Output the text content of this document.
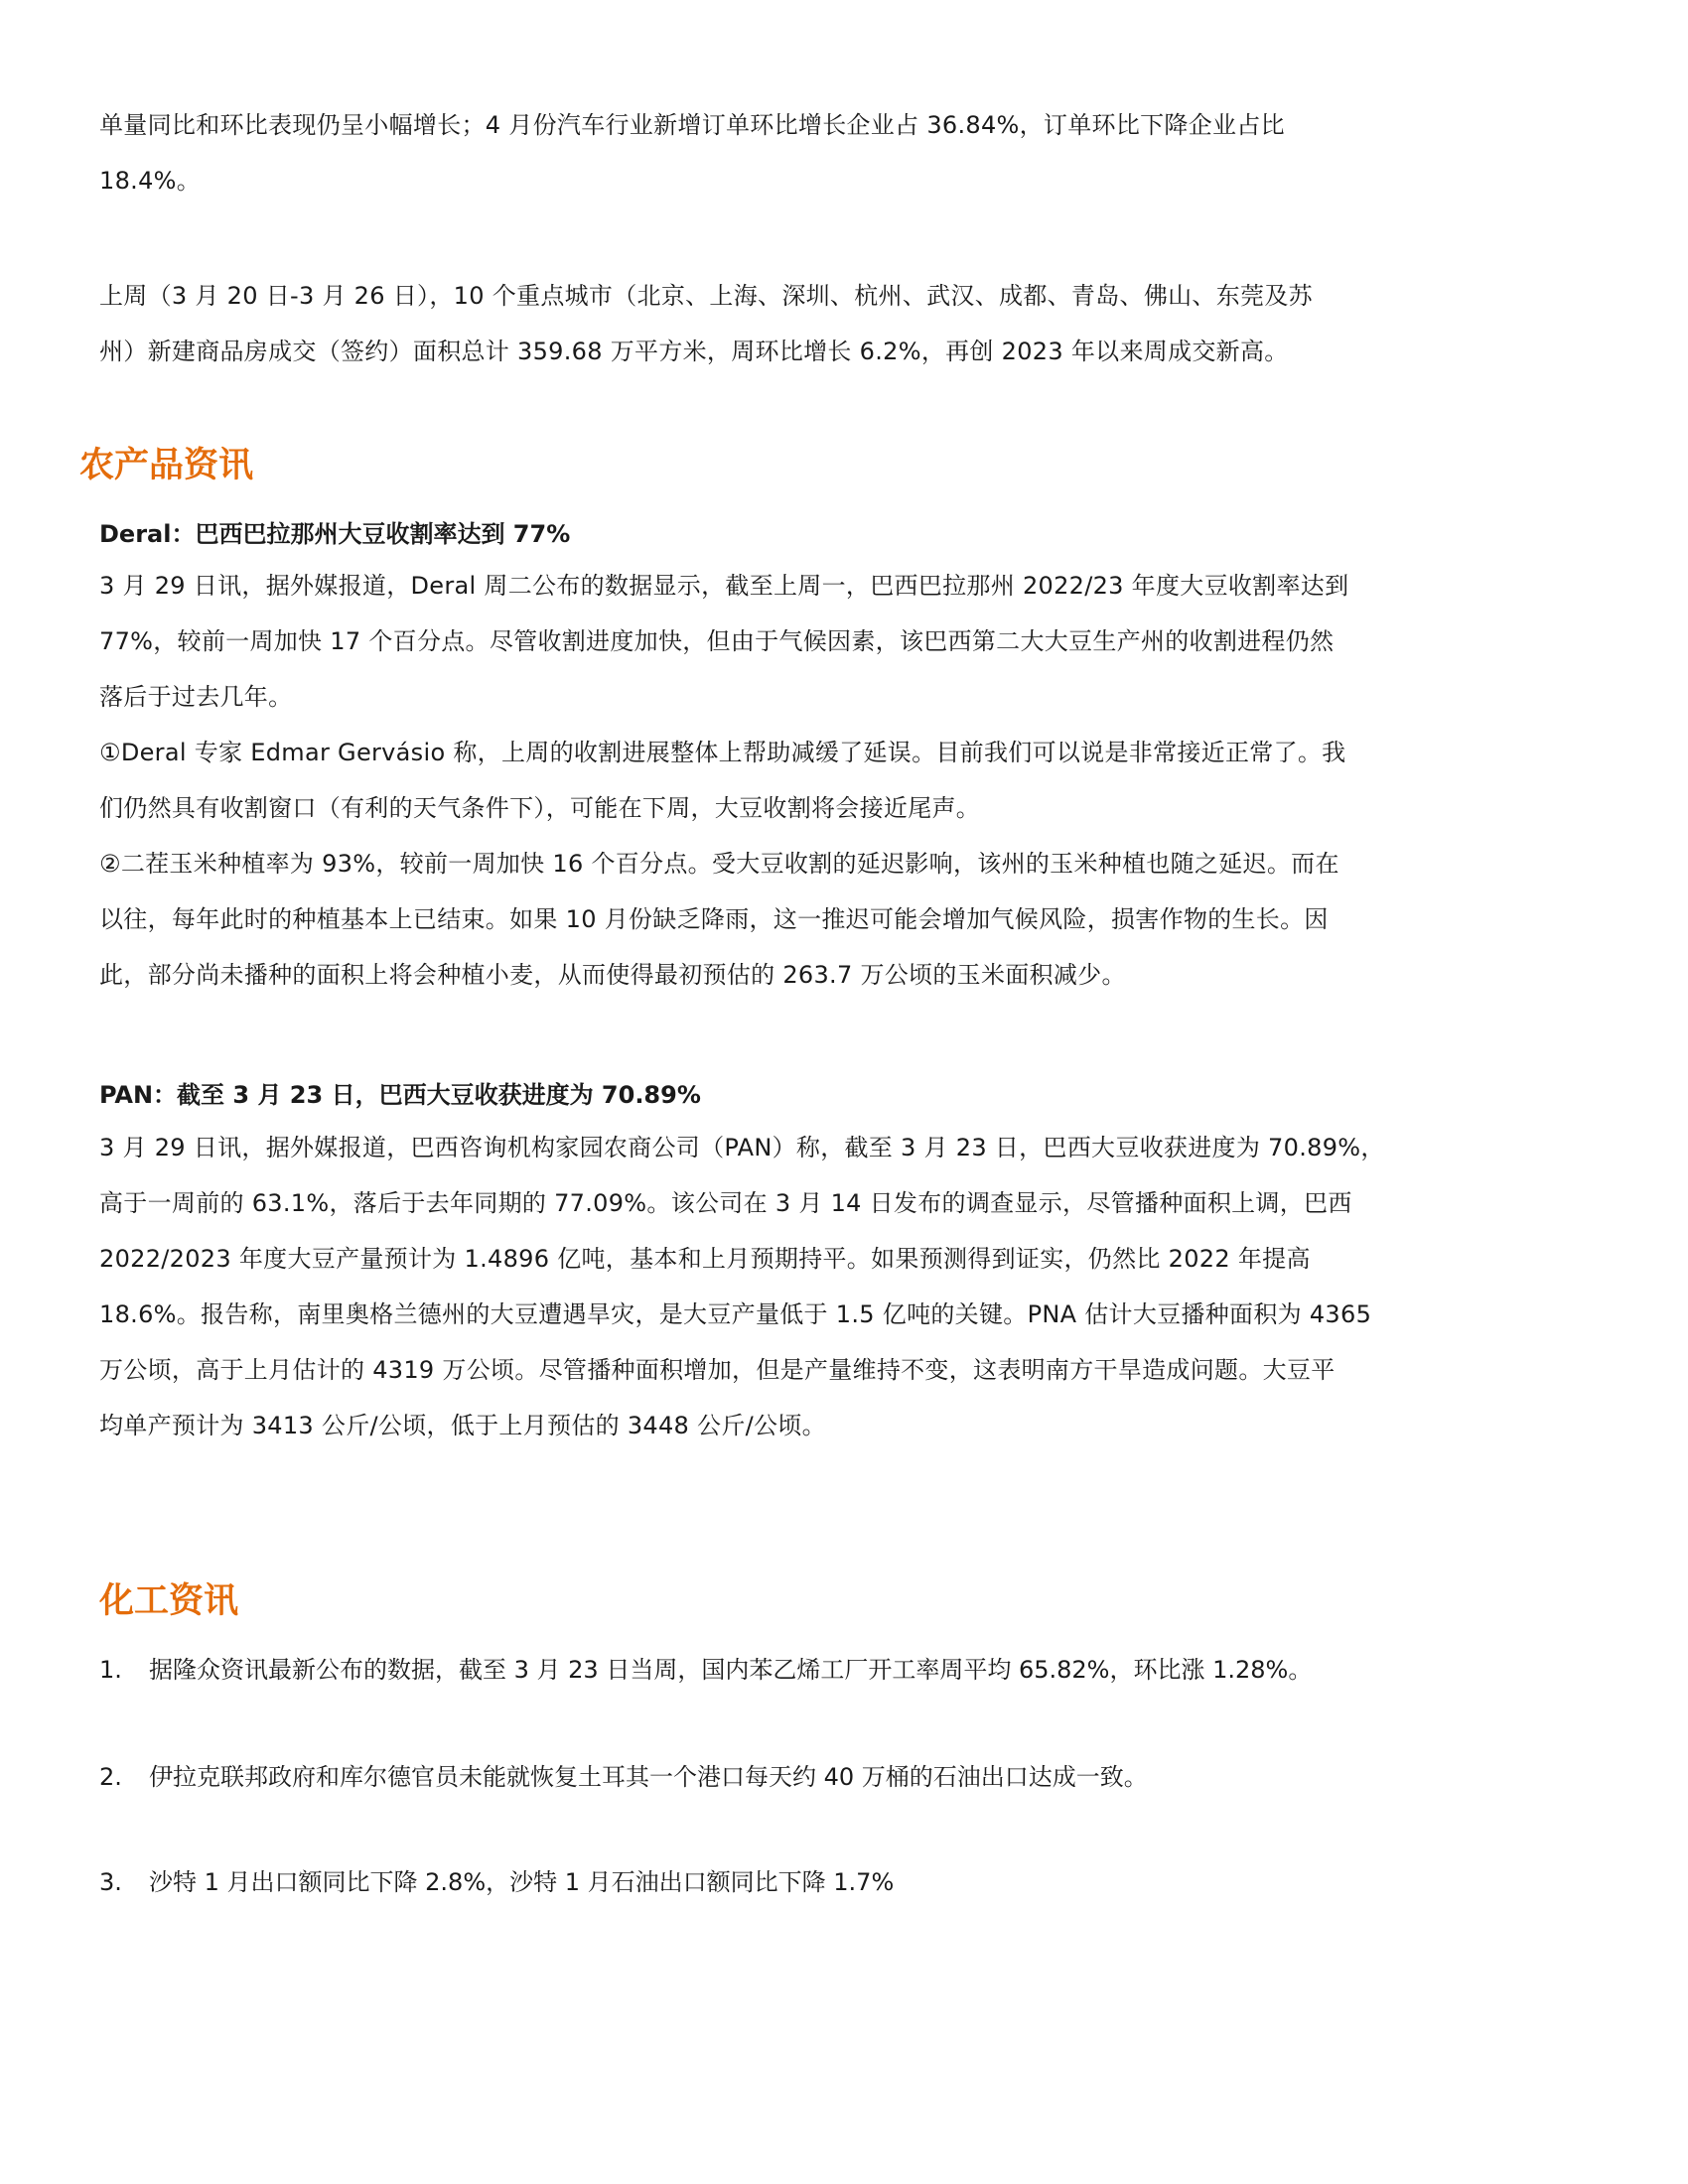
单量同比和环比表现仍呈小幅增长；4 月份汽车行业新增订单环比增长企业占 36.84%，订单环比下降企业占比
18.4%。
上周（3 月 20 日-3 月 26 日），10 个重点城市（北京、上海、深圳、杭州、武汉、成都、青岛、佛山、东莞及苏
州）新建商品房成交（签约）面积总计 359.68 万平方米，周环比增长 6.2%，再创 2023 年以来周成交新高。
农产品资讯
Deral：巴西巴拉那州大豆收割率达到 77%
3 月 29 日讯，据外媒报道，Deral 周二公布的数据显示，截至上周一，巴西巴拉那州 2022/23 年度大豆收割率达到
77%，较前一周加快 17 个百分点。尽管收割进度加快，但由于气候因素，该巴西第二大大豆生产州的收割进程仍然
落后于过去几年。
①Deral 专家 Edmar Gervásio 称，上周的收割进展整体上帮助减缓了延误。目前我们可以说是非常接近正常了。我
们仍然具有收割窗口（有利的天气条件下），可能在下周，大豆收割将会接近尾声。
②二茬玉米种植率为 93%，较前一周加快 16 个百分点。受大豆收割的延迟影响，该州的玉米种植也随之延迟。而在
以往，每年此时的种植基本上已结束。如果 10 月份缺乏降雨，这一推迟可能会增加气候风险，损害作物的生长。因
此，部分尚未播种的面积上将会种植小麦，从而使得最初预估的 263.7 万公顷的玉米面积减少。
PAN：截至 3 月 23 日，巴西大豆收获进度为 70.89%
3 月 29 日讯，据外媒报道，巴西咨询机构家园农商公司（PAN）称，截至 3 月 23 日，巴西大豆收获进度为 70.89%，
高于一周前的 63.1%，落后于去年同期的 77.09%。该公司在 3 月 14 日发布的调查显示，尽管播种面积上调，巴西
2022/2023 年度大豆产量预计为 1.4896 亿吨，基本和上月预期持平。如果预测得到证实，仍然比 2022 年提高
18.6%。报告称，南里奥格兰德州的大豆遭遇旱灾，是大豆产量低于 1.5 亿吨的关键。PNA 估计大豆播种面积为 4365
万公顷，高于上月估计的 4319 万公顷。尽管播种面积增加，但是产量维持不变，这表明南方干旱造成问题。大豆平
均单产预计为 3413 公斤/公顷，低于上月预估的 3448 公斤/公顷。
化工资讯
1. 据隆众资讯最新公布的数据，截至 3 月 23 日当周，国内苯乙烯工厂开工率周平均 65.82%，环比涨 1.28%。
2. 伊拉克联邦政府和库尔德官员未能就恢复土耳其一个港口每天约 40 万桶的石油出口达成一致。
3. 沙特 1 月出口额同比下降 2.8%，沙特 1 月石油出口额同比下降 1.7%
